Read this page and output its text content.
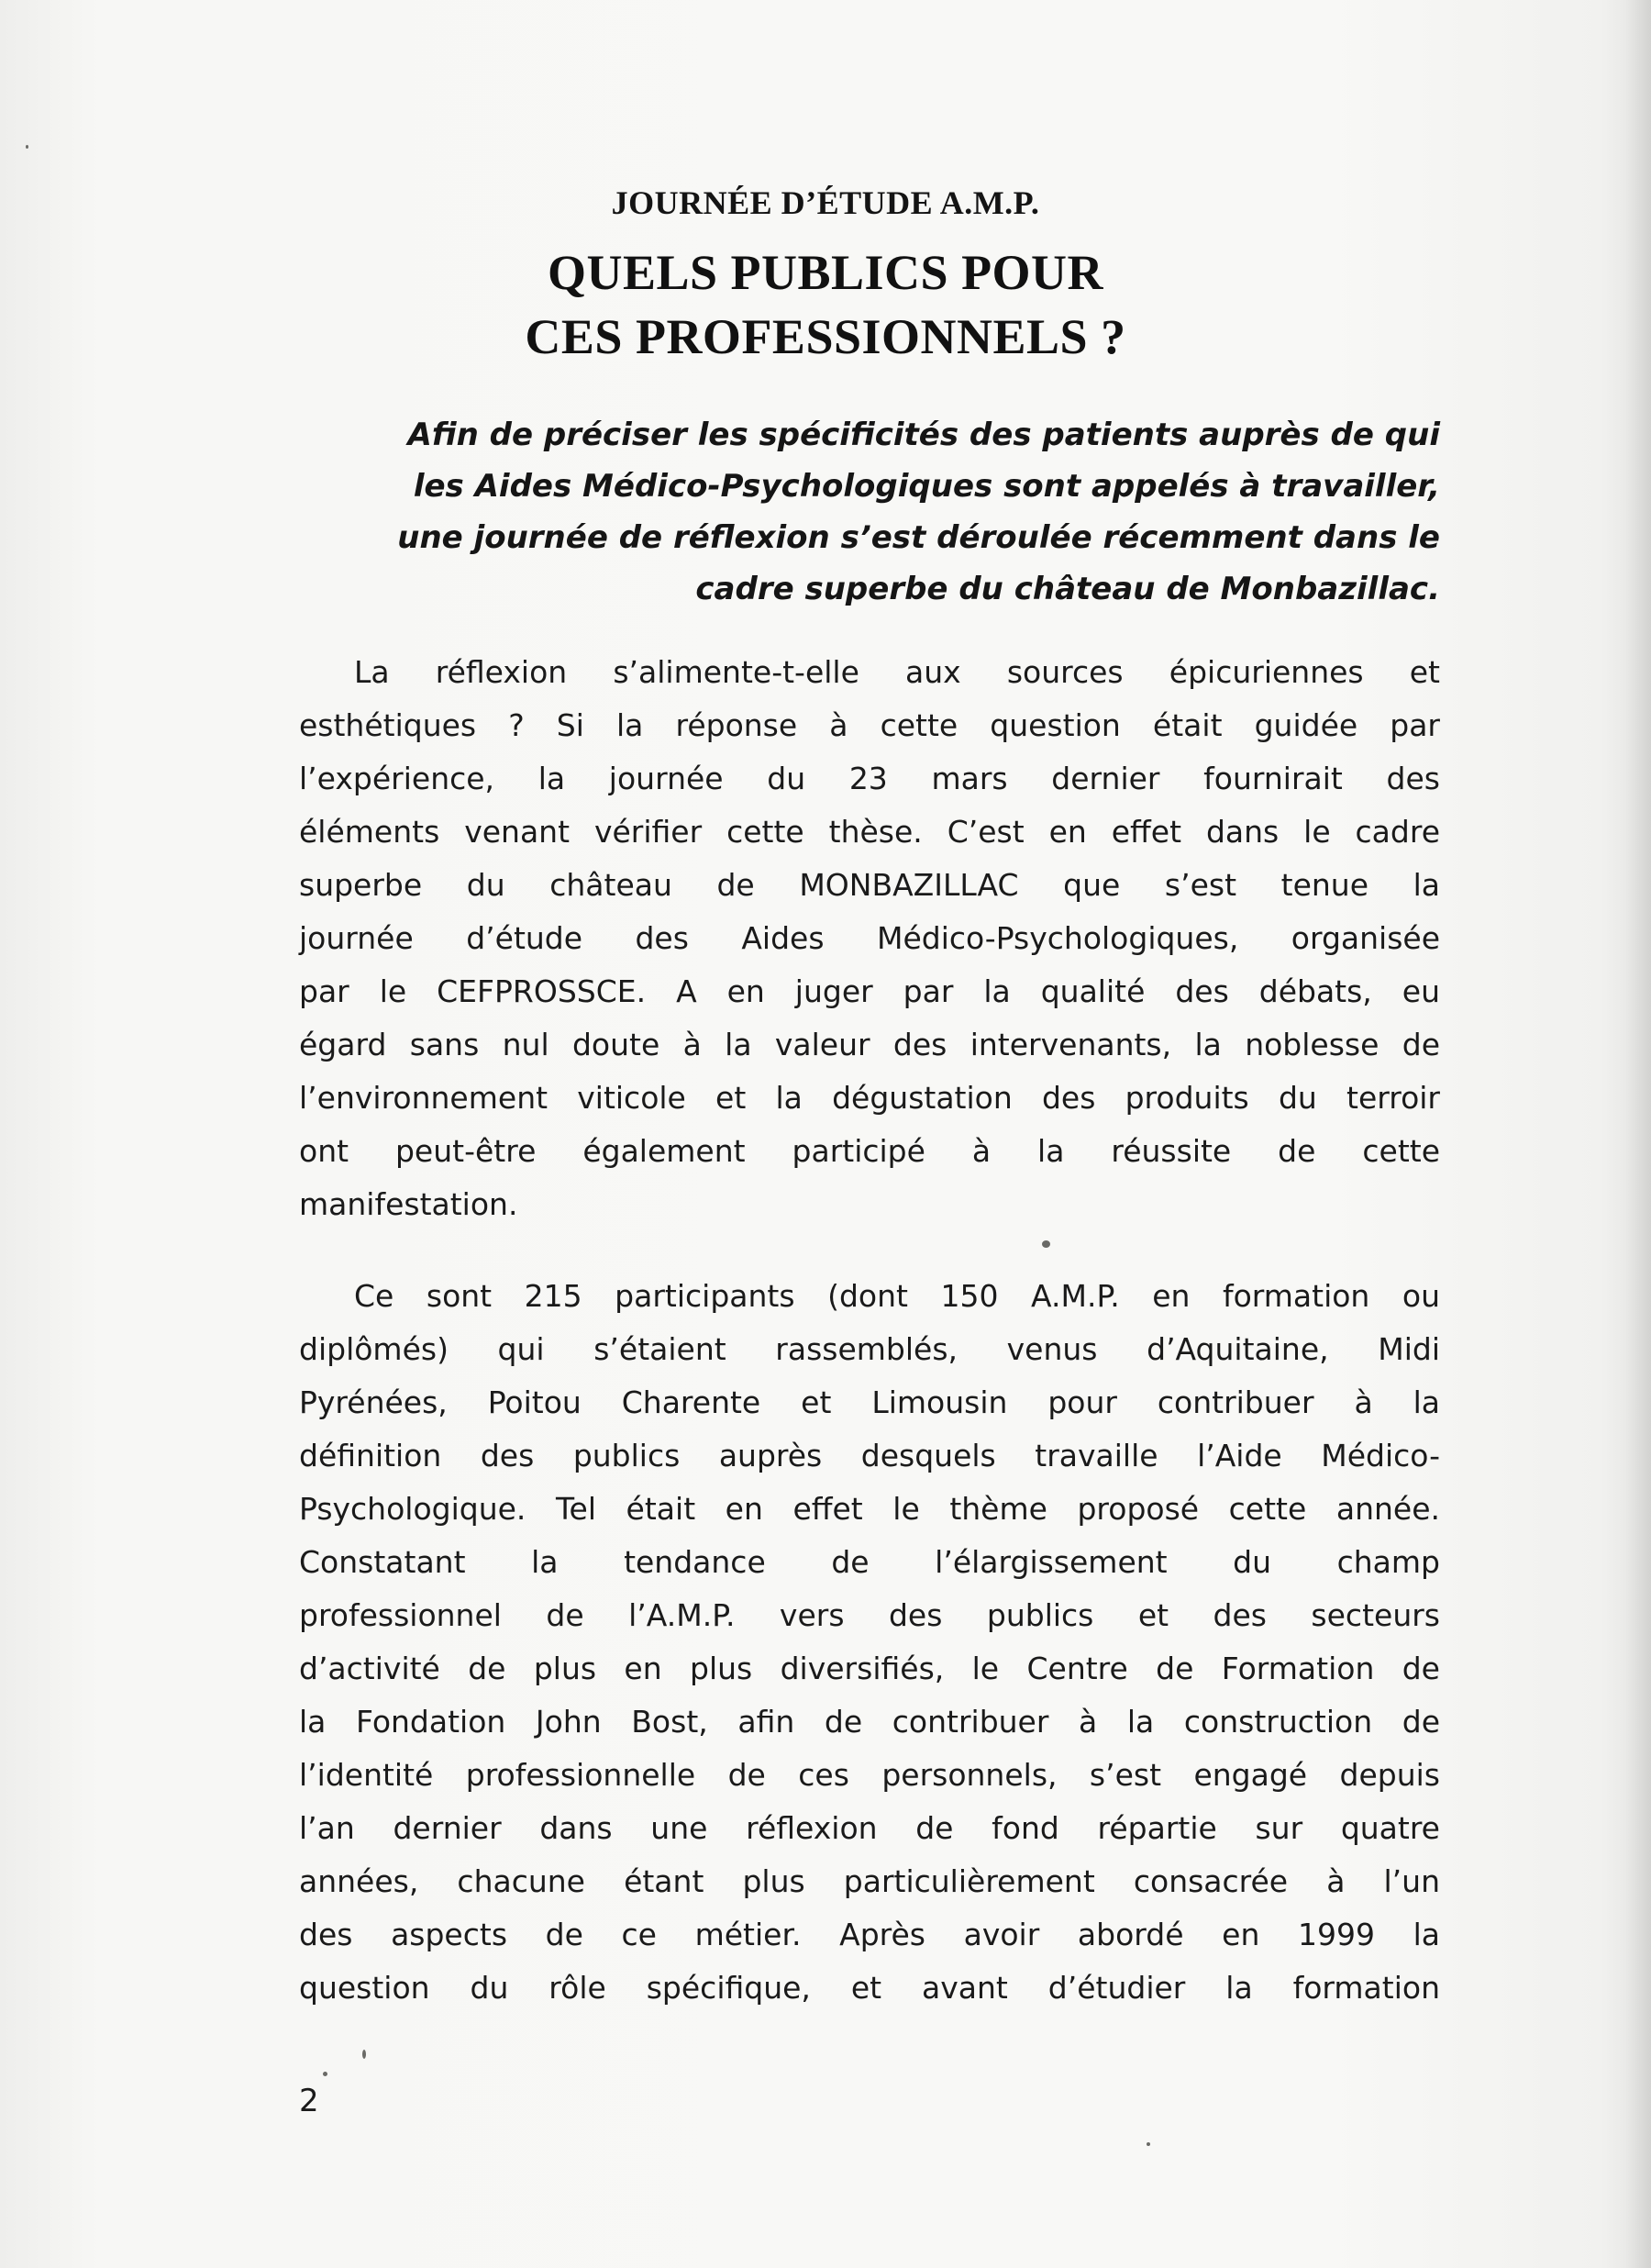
JOURNÉE D’ÉTUDE A.M.P.
QUELS PUBLICS POUR
CES PROFESSIONNELS ?
Afin de préciser les spécificités des patients auprès de qui
les Aides Médico-Psychologiques sont appelés à travailler,
une journée de réflexion s’est déroulée récemment dans le
cadre superbe du château de Monbazillac.
La réflexion s’alimente-t-elle aux sources épicuriennes et
esthétiques ? Si la réponse à cette question était guidée par
l’expérience, la journée du 23 mars dernier fournirait des
éléments venant vérifier cette thèse. C’est en effet dans le cadre
superbe du château de MONBAZILLAC que s’est tenue la
journée d’étude des Aides Médico-Psychologiques, organisée
par le CEFPROSSCE. A en juger par la qualité des débats, eu
égard sans nul doute à la valeur des intervenants, la noblesse de
l’environnement viticole et la dégustation des produits du terroir
ont peut-être également participé à la réussite de cette
manifestation.
Ce sont 215 participants (dont 150 A.M.P. en formation ou
diplômés) qui s’étaient rassemblés, venus d’Aquitaine, Midi
Pyrénées, Poitou Charente et Limousin pour contribuer à la
définition des publics auprès desquels travaille l’Aide Médico-
Psychologique. Tel était en effet le thème proposé cette année.
Constatant la tendance de l’élargissement du champ
professionnel de l’A.M.P. vers des publics et des secteurs
d’activité de plus en plus diversifiés, le Centre de Formation de
la Fondation John Bost, afin de contribuer à la construction de
l’identité professionnelle de ces personnels, s’est engagé depuis
l’an dernier dans une réflexion de fond répartie sur quatre
années, chacune étant plus particulièrement consacrée à l’un
des aspects de ce métier. Après avoir abordé en 1999 la
question du rôle spécifique, et avant d’étudier la formation
2
